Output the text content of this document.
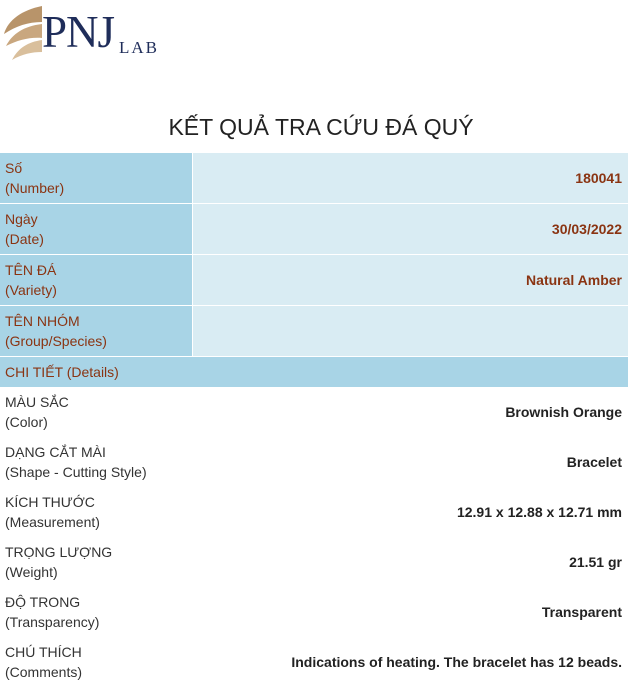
PNJ LAB
KẾT QUẢ TRA CỨU ĐÁ QUÝ
Số
(Number)
180041
Ngày
(Date)
30/03/2022
TÊN ĐÁ
(Variety)
Natural Amber
TÊN NHÓM
(Group/Species)
CHI TIẾT (Details)
MÀU SẮC
(Color)
Brownish Orange
DẠNG CẮT MÀI
(Shape - Cutting Style)
Bracelet
KÍCH THƯỚC
(Measurement)
12.91 x 12.88 x 12.71 mm
TRỌNG LƯỢNG
(Weight)
21.51 gr
ĐỘ TRONG
(Transparency)
Transparent
CHÚ THÍCH
(Comments)
Indications of heating. The bracelet has 12 beads.
